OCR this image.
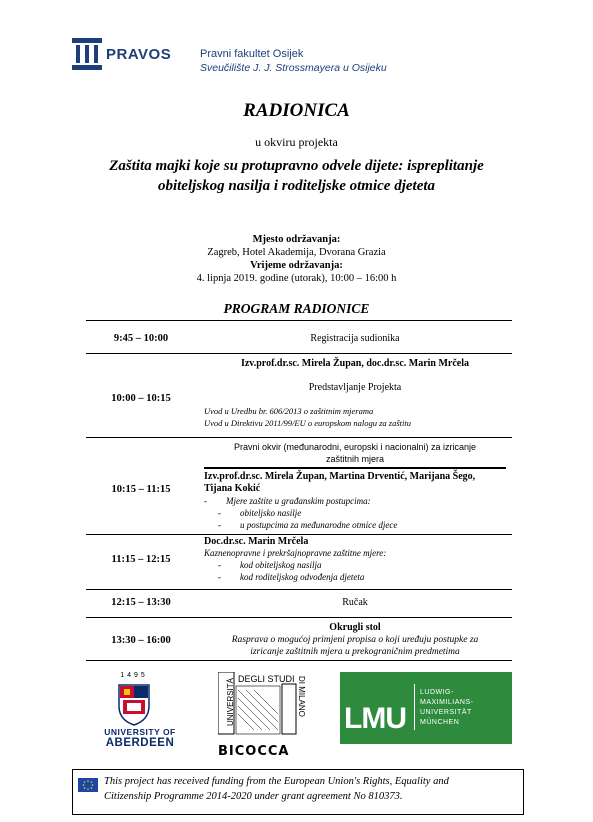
PRAVOS	Pravni fakultet Osijek
Sveučilište J. J. Strossmayera u Osijeku
RADIONICA
u okviru projekta
Zaštita majki koje su protupravno odvele dijete: ispreplitanje
obiteljskog nasilja i roditeljske otmice djeteta
Mjesto održavanja:
Zagreb, Hotel Akademija, Dvorana Grazia
Vrijeme održavanja:
4. lipnja 2019. godine (utorak), 10:00 – 16:00 h
PROGRAM RADIONICE
9:45 – 10:00	Registracija sudionika
10:00 – 10:15
Izv.prof.dr.sc. Mirela Župan, doc.dr.sc. Marin Mrčela
Predstavljanje Projekta
Uvod u Uredbu br. 606/2013 o zaštitnim mjerama
Uvod u Direktivu 2011/99/EU o europskom nalogu za zaštitu
10:15 – 11:15
Pravni okvir (međunarodni, europski i nacionalni) za izricanje
zaštitnih mjera
Izv.prof.dr.sc. Mirela Župan, Martina Drventić, Marijana Šego,
Tijana Kokić
- Mjere zaštite u građanskim postupcima:
- obiteljsko nasilje
- u postupcima za međunarodne otmice djece
11:15 – 12:15
Doc.dr.sc. Marin Mrčela
Kaznenopravne i prekršajnopravne zaštitne mjere:
- kod obiteljskog nasilja
- kod roditeljskog odvođenja djeteta
12:15 – 13:30	Ručak
13:30 – 16:00
Okrugli stol
Rasprava o mogućoj primjeni propisa o koji uređuju postupke za
izricanje zaštitnih mjera u prekograničnim predmetima
1495
UNIVERSITY OF
ABERDEEN
BICOCCA
UNIVERSITÀ DEGLI STUDI DI MILANO
LMU
LUDWIG-
MAXIMILIANS-
UNIVERSITÄT
MÜNCHEN
This project has received funding from the European Union's Rights, Equality and
Citizenship Programme 2014-2020 under grant agreement No 810373.
